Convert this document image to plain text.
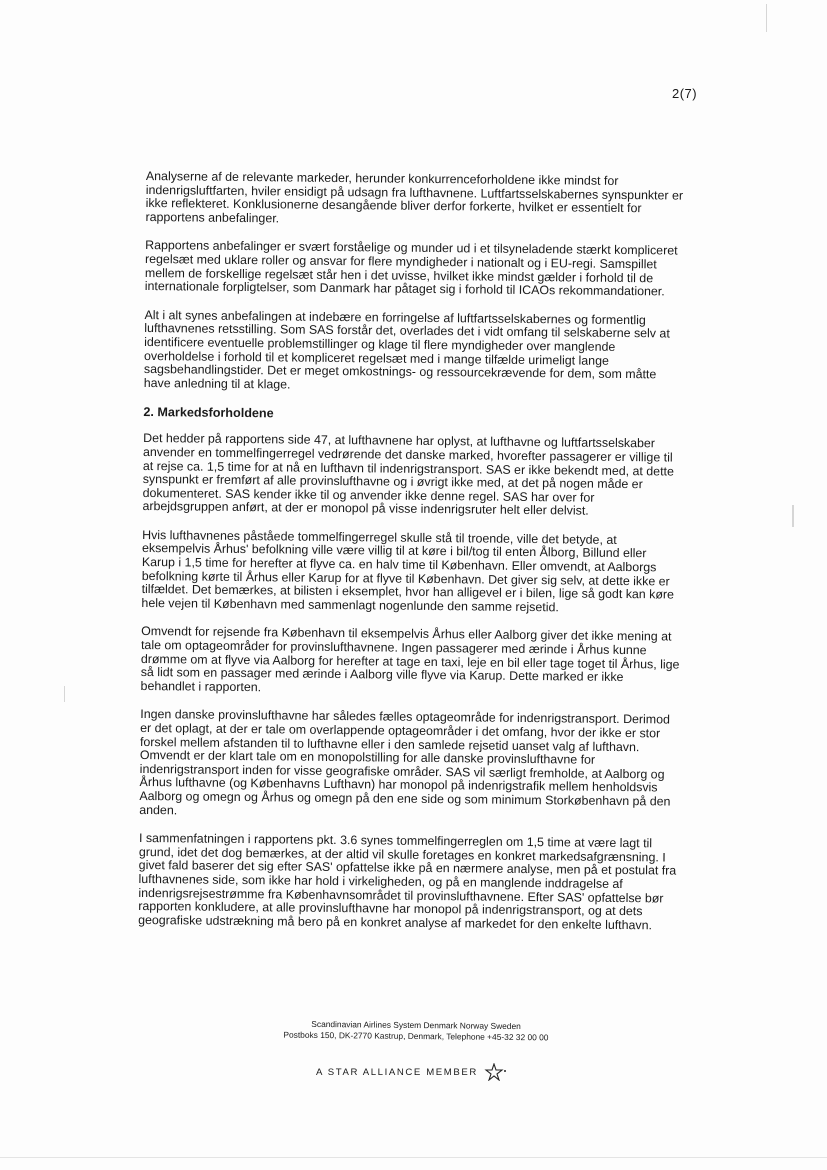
2(7)

Analyserne af de relevante markeder, herunder konkurrenceforholdene ikke mindst for indenrigsluftfarten, hviler ensidigt på udsagn fra lufthavnene. Luftfartsselskabernes synspunkter er ikke reflekteret. Konklusionerne desangående bliver derfor forkerte, hvilket er essentielt for rapportens anbefalinger.

Rapportens anbefalinger er svært forståelige og munder ud i et tilsyneladende stærkt kompliceret regelsæt med uklare roller og ansvar for flere myndigheder i nationalt og i EU-regi. Samspillet mellem de forskellige regelsæt står hen i det uvisse, hvilket ikke mindst gælder i forhold til de internationale forpligtelser, som Danmark har påtaget sig i forhold til ICAOs rekommandationer.

Alt i alt synes anbefalingen at indebære en forringelse af luftfartsselskabernes og formentlig lufthavnenes retsstilling. Som SAS forstår det, overlades det i vidt omfang til selskaberne selv at identificere eventuelle problemstillinger og klage til flere myndigheder over manglende overholdelse i forhold til et kompliceret regelsæt med i mange tilfælde urimeligt lange sagsbehandlingstider. Det er meget omkostnings- og ressourcekrævende for dem, som måtte have anledning til at klage.

2. Markedsforholdene

Det hedder på rapportens side 47, at lufthavnene har oplyst, at lufthavne og luftfartsselskaber anvender en tommelfingerregel vedrørende det danske marked, hvorefter passagerer er villige til at rejse ca. 1,5 time for at nå en lufthavn til indenrigstransport. SAS er ikke bekendt med, at dette synspunkt er fremført af alle provinslufthavne og i øvrigt ikke med, at det på nogen måde er dokumenteret. SAS kender ikke til og anvender ikke denne regel. SAS har over for arbejdsgruppen anført, at der er monopol på visse indenrigsruter helt eller delvist.

Hvis lufthavnenes påståede tommelfingerregel skulle stå til troende, ville det betyde, at eksempelvis Århus' befolkning ville være villig til at køre i bil/tog til enten Ålborg, Billund eller Karup i 1,5 time for herefter at flyve ca. en halv time til København. Eller omvendt, at Aalborgs befolkning kørte til Århus eller Karup for at flyve til København. Det giver sig selv, at dette ikke er tilfældet. Det bemærkes, at bilisten i eksemplet, hvor han alligevel er i bilen, lige så godt kan køre hele vejen til København med sammenlagt nogenlunde den samme rejsetid.

Omvendt for rejsende fra København til eksempelvis Århus eller Aalborg giver det ikke mening at tale om optageområder for provinslufthavnene. Ingen passagerer med ærinde i Århus kunne drømme om at flyve via Aalborg for herefter at tage en taxi, leje en bil eller tage toget til Århus, lige så lidt som en passager med ærinde i Aalborg ville flyve via Karup. Dette marked er ikke behandlet i rapporten.

Ingen danske provinslufthavne har således fælles optageområde for indenrigstransport. Derimod er det oplagt, at der er tale om overlappende optageområder i det omfang, hvor der ikke er stor forskel mellem afstanden til to lufthavne eller i den samlede rejsetid uanset valg af lufthavn. Omvendt er der klart tale om en monopolstilling for alle danske provinslufthavne for indenrigstransport inden for visse geografiske områder. SAS vil særligt fremholde, at Aalborg og Århus lufthavne (og Københavns Lufthavn) har monopol på indenrigstrafik mellem henholdsvis Aalborg og omegn og Århus og omegn på den ene side og som minimum Storkøbenhavn på den anden.

I sammenfatningen i rapportens pkt. 3.6 synes tommelfingerreglen om 1,5 time at være lagt til grund, idet det dog bemærkes, at der altid vil skulle foretages en konkret markedsafgrænsning. I givet fald baserer det sig efter SAS' opfattelse ikke på en nærmere analyse, men på et postulat fra lufthavnenes side, som ikke har hold i virkeligheden, og på en manglende inddragelse af indenrigsrejsestrømme fra Københavnsområdet til provinslufthavnene. Efter SAS' opfattelse bør rapporten konkludere, at alle provinslufthavne har monopol på indenrigstransport, og at dets geografiske udstrækning må bero på en konkret analyse af markedet for den enkelte lufthavn.

Scandinavian Airlines System Denmark Norway Sweden
Postboks 150, DK-2770 Kastrup, Denmark, Telephone +45-32 32 00 00
A STAR ALLIANCE MEMBER
